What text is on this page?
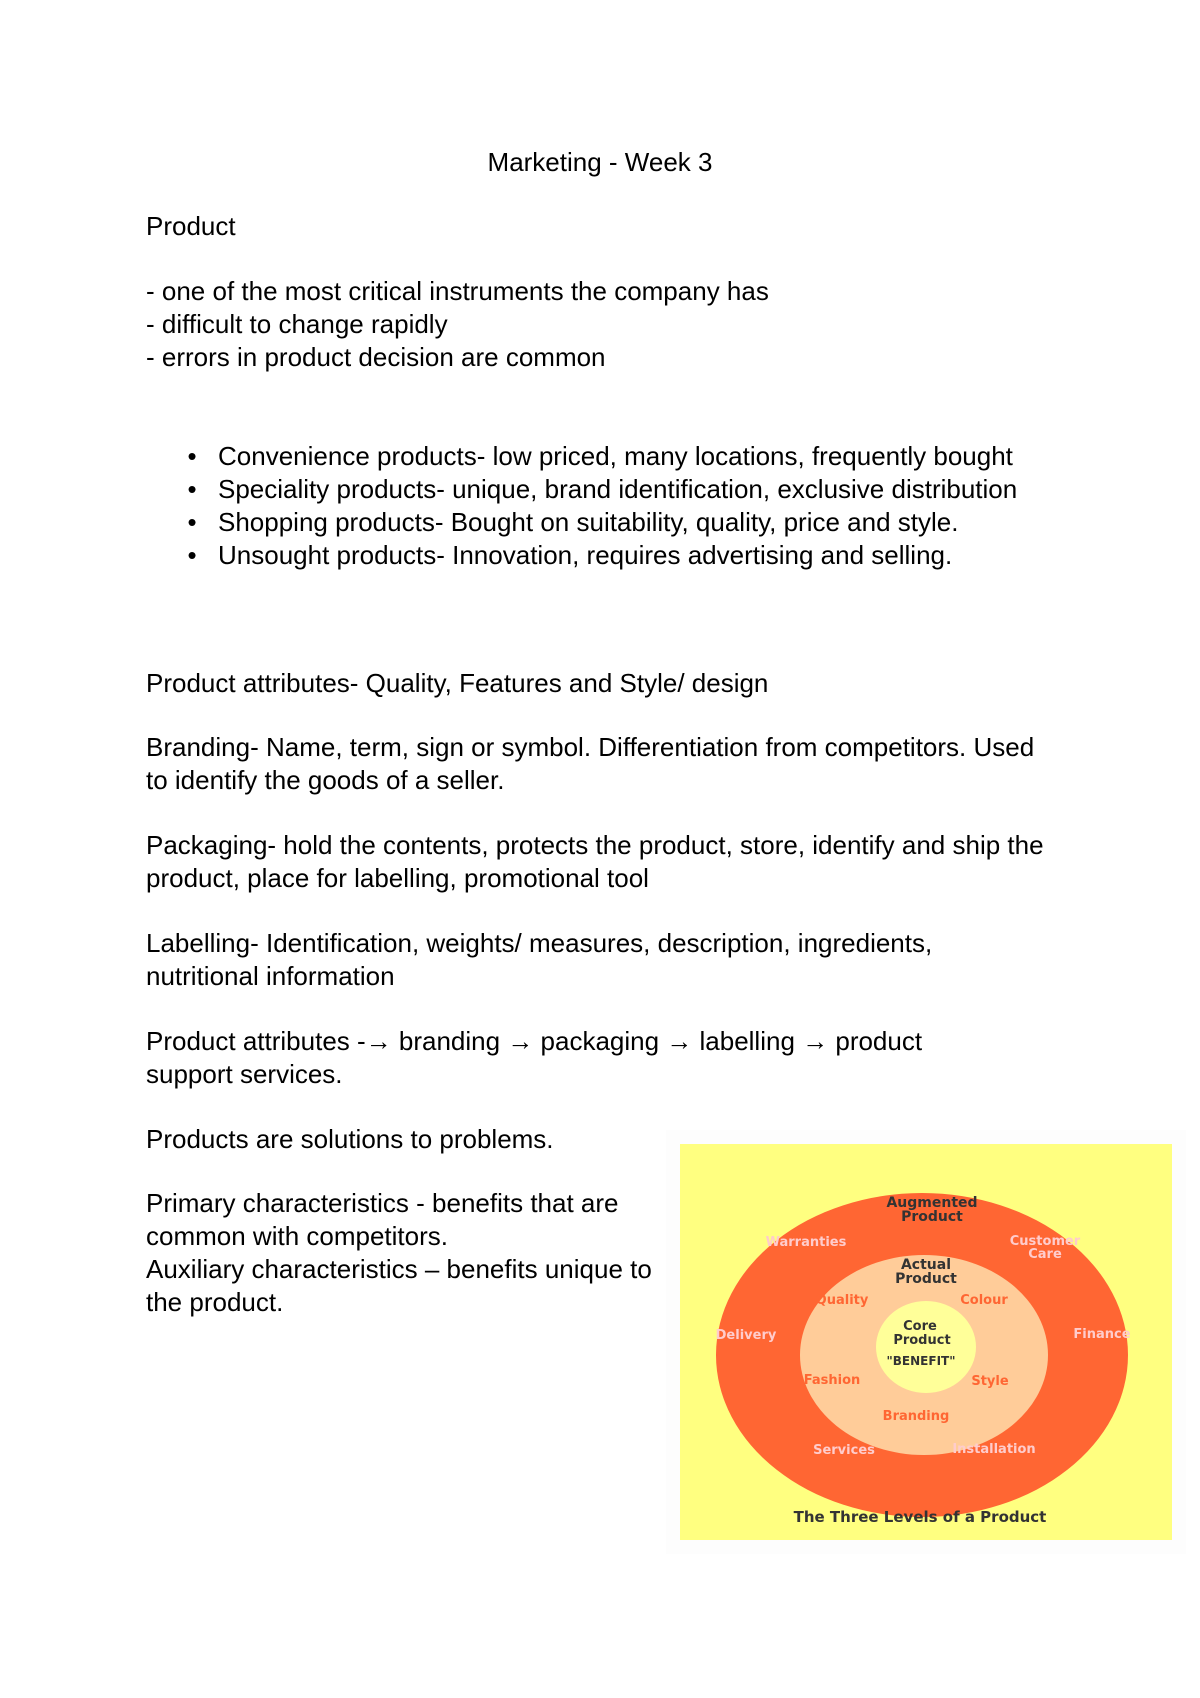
Marketing - Week 3

Product

- one of the most critical instruments the company has
- difficult to change rapidly
- errors in product decision are common
• Convenience products- low priced, many locations, frequently bought
• Speciality products- unique, brand identification, exclusive distribution
• Shopping products- Bought on suitability, quality, price and style.
• Unsought products- Innovation, requires advertising and selling.

Product attributes- Quality, Features and Style/ design

Branding- Name, term, sign or symbol. Differentiation from competitors. Used to identify the goods of a seller.

Packaging- hold the contents, protects the product, store, identify and ship the product, place for labelling, promotional tool

Labelling- Identification, weights/ measures, description, ingredients, nutritional information

Product attributes -→ branding → packaging → labelling → product support services.

Products are solutions to problems.

Primary characteristics - benefits that are common with competitors.

Auxiliary characteristics – benefits unique to the product.

Augmented
Product
Warranties	Customer
Care
Delivery	Finance
Services	Installation
Actual
Product
Quality	Colour
Fashion	Style
Branding
Core
Product
"BENEFIT"
The Three Levels of a Product
